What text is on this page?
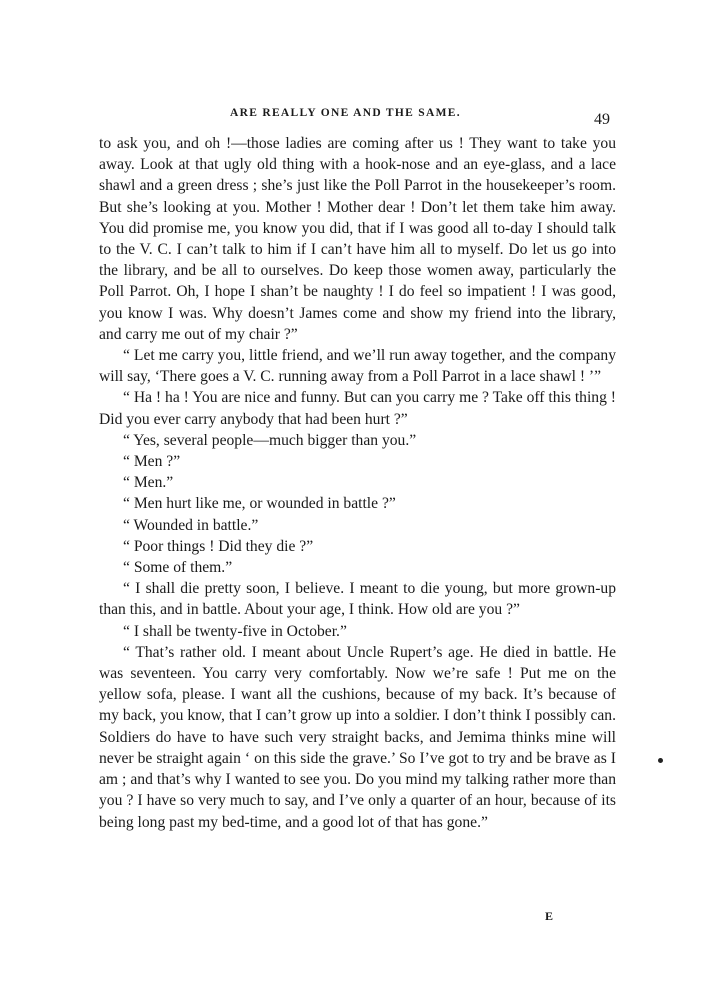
ARE REALLY ONE AND THE SAME.	49

to ask you, and oh !—those ladies are coming after us ! They want to take you away. Look at that ugly old thing with a hook-nose and an eye-glass, and a lace shawl and a green dress ; she’s just like the Poll Parrot in the housekeeper’s room. But she’s looking at you. Mother ! Mother dear ! Don’t let them take him away. You did promise me, you know you did, that if I was good all to-day I should talk to the V. C. I can’t talk to him if I can’t have him all to myself. Do let us go into the library, and be all to ourselves. Do keep those women away, particularly the Poll Parrot. Oh, I hope I shan’t be naughty ! I do feel so impatient ! I was good, you know I was. Why doesn’t James come and show my friend into the library, and carry me out of my chair ?”

“ Let me carry you, little friend, and we’ll run away together, and the company will say, ‘There goes a V. C. running away from a Poll Parrot in a lace shawl ! ’”

“ Ha ! ha ! You are nice and funny. But can you carry me ? Take off this thing ! Did you ever carry anybody that had been hurt ?”

“ Yes, several people—much bigger than you.”

“ Men ?”

“ Men.”

“ Men hurt like me, or wounded in battle ?”

“ Wounded in battle.”

“ Poor things ! Did they die ?”

“ Some of them.”

“ I shall die pretty soon, I believe. I meant to die young, but more grown-up than this, and in battle. About your age, I think. How old are you ?”

“ I shall be twenty-five in October.”

“ That’s rather old. I meant about Uncle Rupert’s age. He died in battle. He was seventeen. You carry very comfortably. Now we’re safe ! Put me on the yellow sofa, please. I want all the cushions, because of my back. It’s because of my back, you know, that I can’t grow up into a soldier. I don’t think I possibly can. Soldiers do have to have such very straight backs, and Jemima thinks mine will never be straight again ‘ on this side the grave.’ So I’ve got to try and be brave as I am ; and that’s why I wanted to see you. Do you mind my talking rather more than you ? I have so very much to say, and I’ve only a quarter of an hour, because of its being long past my bed-time, and a good lot of that has gone.”

E
